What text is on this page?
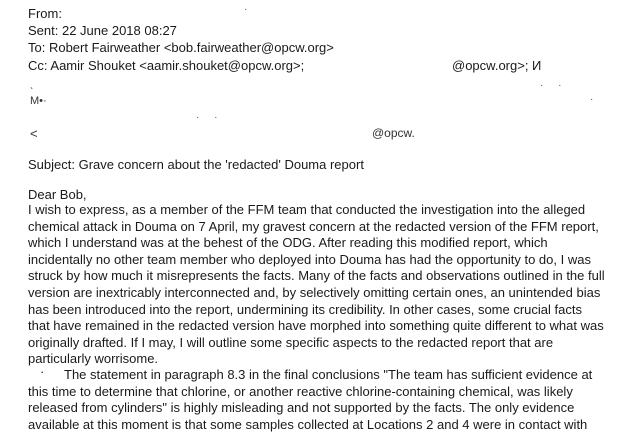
From:
Sent: 22 June 2018 08:27
To: Robert Fairweather <bob.fairweather@opcw.org>
Cc: Aamir Shouket <aamir.shouket@opcw.org>;	@opcw.org>; И
ˎ
М•·
<	@opcw.
· ·
·
· ·
·
Subject: Grave concern about the 'redacted' Douma report
Dear Bob,
I wish to express, as a member of the FFM team that conducted the investigation into the alleged
chemical attack in Douma on 7 April, my gravest concern at the redacted version of the FFM report,
which I understand was at the behest of the ODG. After reading this modified report, which
incidentally no other team member who deployed into Douma has had the opportunity to do, I was
struck by how much it misrepresents the facts. Many of the facts and observations outlined in the full
version are inextricably interconnected and, by selectively omitting certain ones, an unintended bias
has been introduced into the report, undermining its credibility. In other cases, some crucial facts
that have remained in the redacted version have morphed into something quite different to what was
originally drafted. If I may, I will outline some specific aspects to the redacted report that are
particularly worrisome.
·	The statement in paragraph 8.3 in the final conclusions "The team has sufficient evidence at
this time to determine that chlorine, or another reactive chlorine-containing chemical, was likely
released from cylinders" is highly misleading and not supported by the facts. The only evidence
available at this moment is that some samples collected at Locations 2 and 4 were in contact with
